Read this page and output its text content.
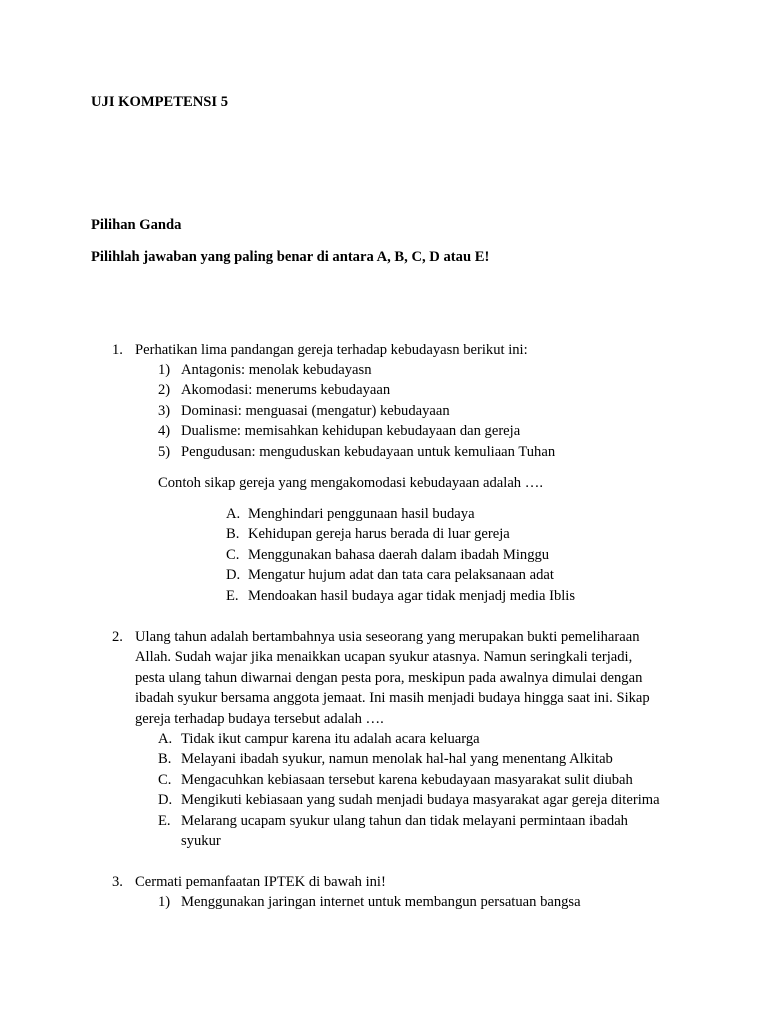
UJI KOMPETENSI 5
Pilihan Ganda
Pilihlah jawaban yang paling benar di antara A, B, C, D atau E!
1. Perhatikan lima pandangan gereja terhadap kebudayasn berikut ini:
1) Antagonis: menolak kebudayasn
2) Akomodasi: menerums kebudayaan
3) Dominasi: menguasai (mengatur) kebudayaan
4) Dualisme: memisahkan kehidupan kebudayaan dan gereja
5) Pengudusan: menguduskan kebudayaan untuk kemuliaan Tuhan
Contoh sikap gereja yang mengakomodasi kebudayaan adalah ….
A. Menghindari penggunaan hasil budaya
B. Kehidupan gereja harus berada di luar gereja
C. Menggunakan bahasa daerah dalam ibadah Minggu
D. Mengatur hujum adat dan tata cara pelaksanaan adat
E. Mendoakan hasil budaya agar tidak menjadj media Iblis
2. Ulang tahun adalah bertambahnya usia seseorang yang merupakan bukti pemeliharaan
Allah. Sudah wajar jika menaikkan ucapan syukur atasnya. Namun seringkali terjadi,
pesta ulang tahun diwarnai dengan pesta pora, meskipun pada awalnya dimulai dengan
ibadah syukur bersama anggota jemaat. Ini masih menjadi budaya hingga saat ini. Sikap
gereja terhadap budaya tersebut adalah ….
A. Tidak ikut campur karena itu adalah acara keluarga
B. Melayani ibadah syukur, namun menolak hal-hal yang menentang Alkitab
C. Mengacuhkan kebiasaan tersebut karena kebudayaan masyarakat sulit diubah
D. Mengikuti kebiasaan yang sudah menjadi budaya masyarakat agar gereja diterima
E. Melarang ucapam syukur ulang tahun dan tidak melayani permintaan ibadah
syukur
3. Cermati pemanfaatan IPTEK di bawah ini!
1) Menggunakan jaringan internet untuk membangun persatuan bangsa
